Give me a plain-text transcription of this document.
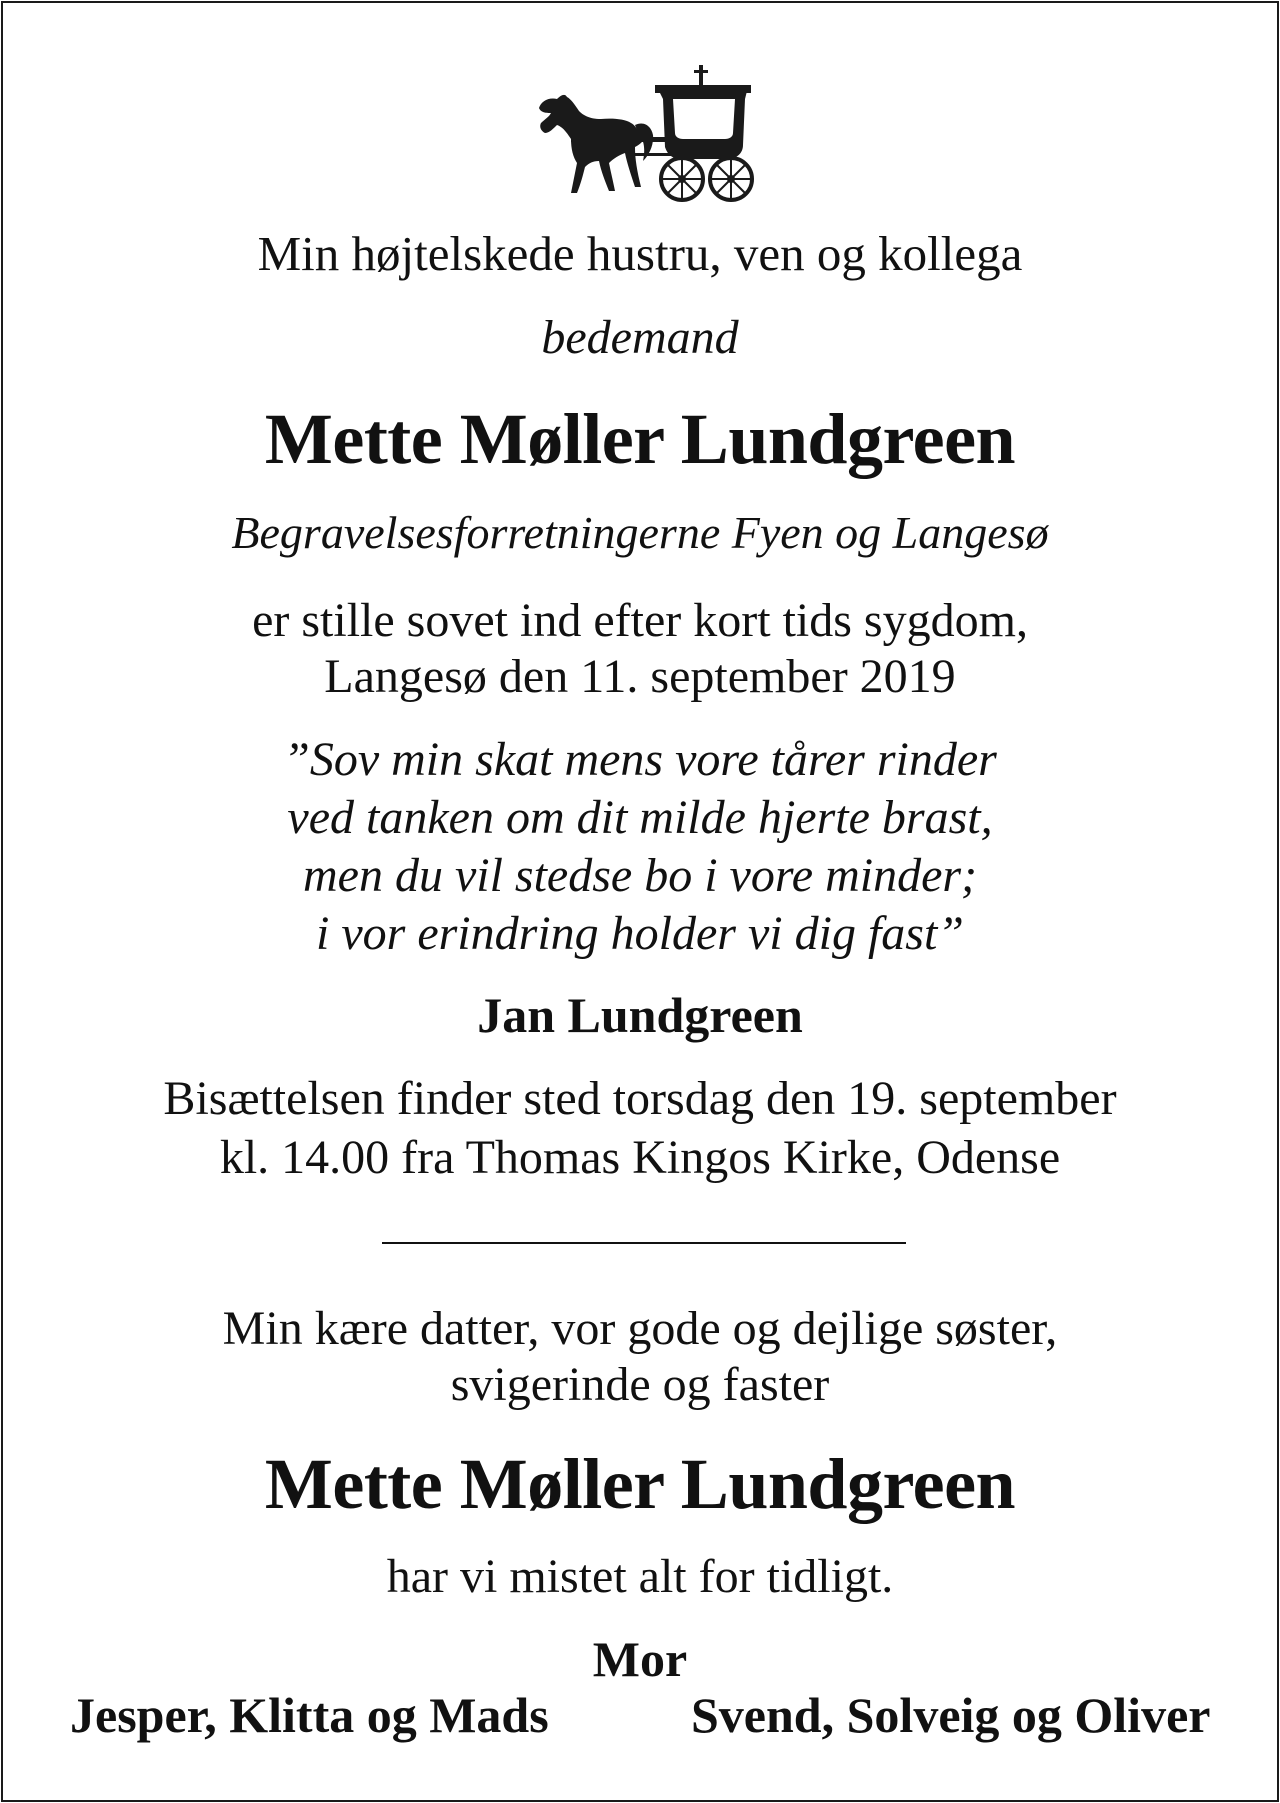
Min højtelskede hustru, ven og kollega
bedemand
Mette Møller Lundgreen
Begravelsesforretningerne Fyen og Langesø
er stille sovet ind efter kort tids sygdom,
Langesø den 11. september 2019
”Sov min skat mens vore tårer rinder
ved tanken om dit milde hjerte brast,
men du vil stedse bo i vore minder;
i vor erindring holder vi dig fast”
Jan Lundgreen
Bisættelsen finder sted torsdag den 19. september
kl. 14.00 fra Thomas Kingos Kirke, Odense
Min kære datter, vor gode og dejlige søster,
svigerinde og faster
Mette Møller Lundgreen
har vi mistet alt for tidligt.
Mor
Jesper, Klitta og Mads	Svend, Solveig og Oliver
